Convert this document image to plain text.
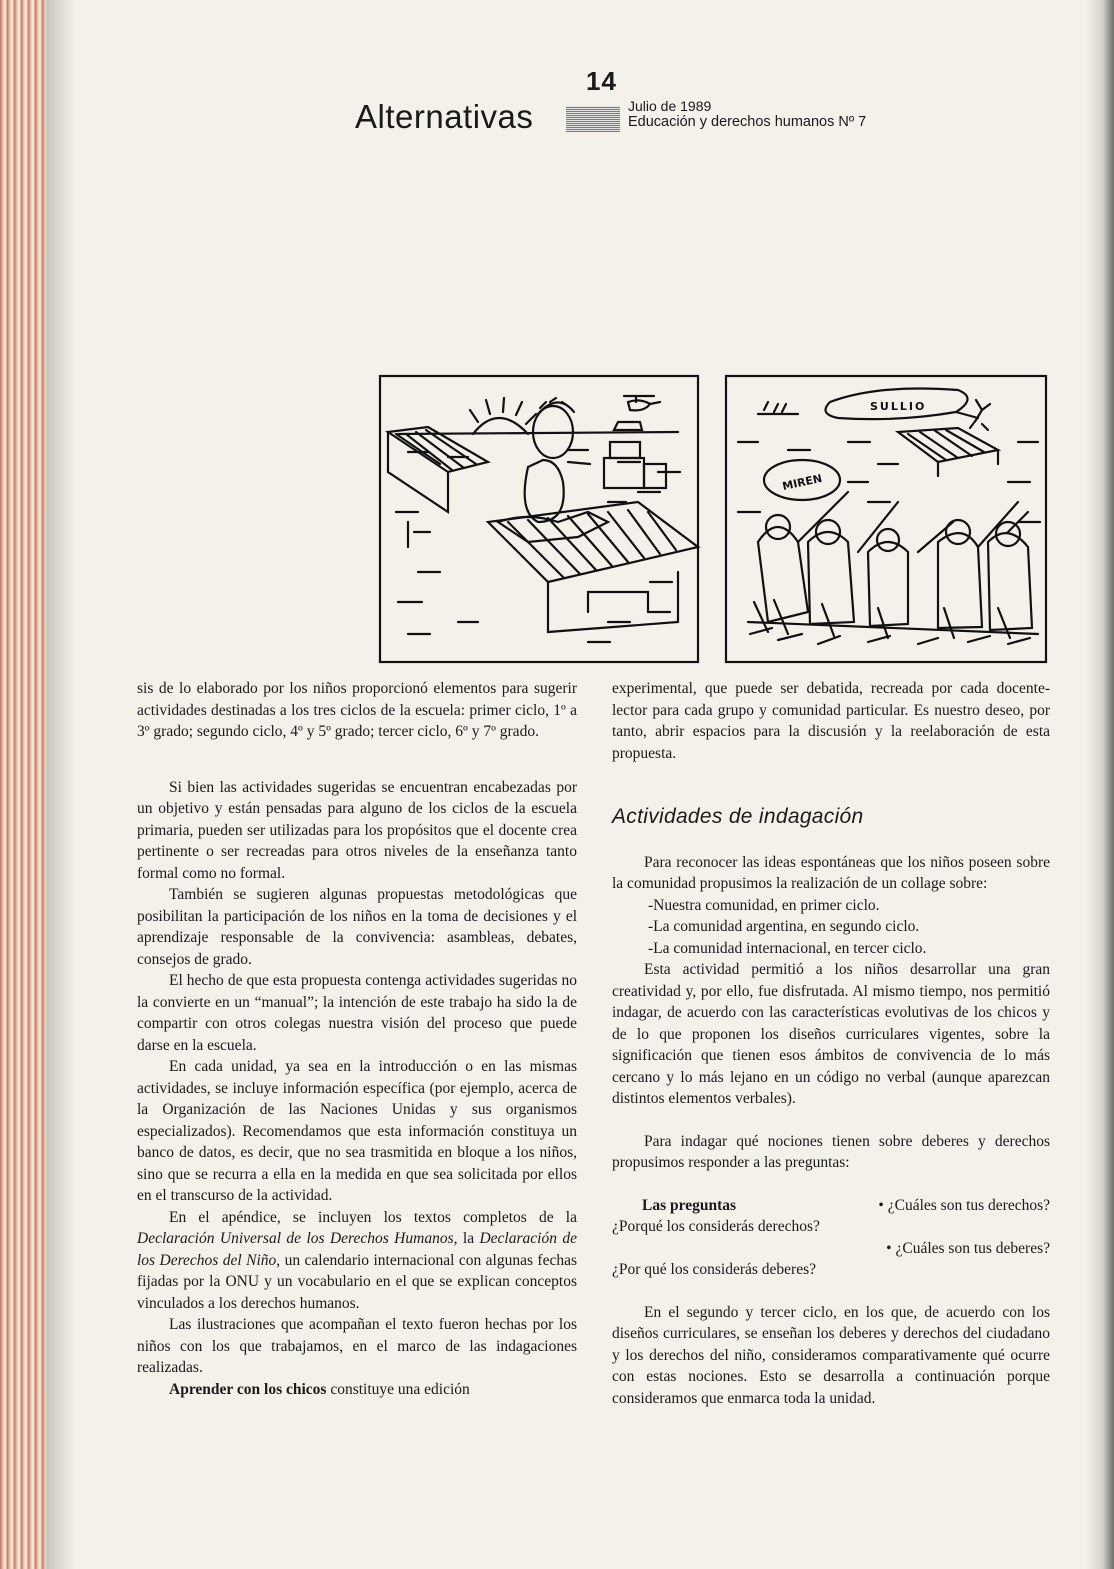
14
Alternativas	Julio de 1989
Educación y derechos humanos Nº 7
SULLIO
MIREN

sis de lo elaborado por los niños proporcionó elementos para sugerir actividades destinadas a los tres ciclos de la escuela: primer ciclo, 1º a 3º grado; segundo ciclo, 4º y 5º grado; tercer ciclo, 6º y 7º grado.

Si bien las actividades sugeridas se encuentran encabezadas por un objetivo y están pensadas para alguno de los ciclos de la escuela primaria, pueden ser utilizadas para los propósitos que el docente crea pertinente o ser recreadas para otros niveles de la enseñanza tanto formal como no formal.

También se sugieren algunas propuestas metodológicas que posibilitan la participación de los niños en la toma de decisiones y el aprendizaje responsable de la convivencia: asambleas, debates, consejos de grado.

El hecho de que esta propuesta contenga actividades sugeridas no la convierte en un “manual”; la intención de este trabajo ha sido la de compartir con otros colegas nuestra visión del proceso que puede darse en la escuela.

En cada unidad, ya sea en la introducción o en las mismas actividades, se incluye información específica (por ejemplo, acerca de la Organización de las Naciones Unidas y sus organismos especializados). Recomendamos que esta información constituya un banco de datos, es decir, que no sea trasmitida en bloque a los niños, sino que se recurra a ella en la medida en que sea solicitada por ellos en el transcurso de la actividad.

En el apéndice, se incluyen los textos completos de la Declaración Universal de los Derechos Humanos, la Declaración de los Derechos del Niño, un calendario internacional con algunas fechas fijadas por la ONU y un vocabulario en el que se explican conceptos vinculados a los derechos humanos.

Las ilustraciones que acompañan el texto fueron hechas por los niños con los que trabajamos, en el marco de las indagaciones realizadas.

Aprender con los chicos constituye una edición

experimental, que puede ser debatida, recreada por cada docente-lector para cada grupo y comunidad particular. Es nuestro deseo, por tanto, abrir espacios para la discusión y la reelaboración de esta propuesta.

Actividades de indagación

Para reconocer las ideas espontáneas que los niños poseen sobre la comunidad propusimos la realización de un collage sobre:

-Nuestra comunidad, en primer ciclo.
-La comunidad argentina, en segundo ciclo.
-La comunidad internacional, en tercer ciclo.

Esta actividad permitió a los niños desarrollar una gran creatividad y, por ello, fue disfrutada. Al mismo tiempo, nos permitió indagar, de acuerdo con las características evolutivas de los chicos y de lo que proponen los diseños curriculares vigentes, sobre la significación que tienen esos ámbitos de convivencia de lo más cercano y lo más lejano en un código no verbal (aunque aparezcan distintos elementos verbales).

Para indagar qué nociones tienen sobre deberes y derechos propusimos responder a las preguntas:

Las preguntas	• ¿Cuáles son tus derechos?
¿Porqué los considerás derechos?
• ¿Cuáles son tus deberes?
¿Por qué los considerás deberes?

En el segundo y tercer ciclo, en los que, de acuerdo con los diseños curriculares, se enseñan los deberes y derechos del ciudadano y los derechos del niño, consideramos comparativamente qué ocurre con estas nociones. Esto se desarrolla a continuación porque consideramos que enmarca toda la unidad.
